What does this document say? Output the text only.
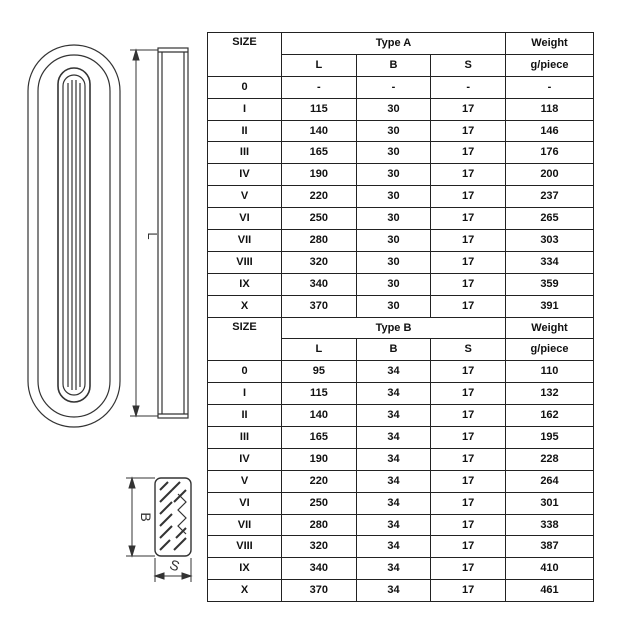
L
B
S
SIZE	Type A			Weight
	L	B	S	g/piece
0	-	-	-	-
I	115	30	17	118
II	140	30	17	146
III	165	30	17	176
IV	190	30	17	200
V	220	30	17	237
VI	250	30	17	265
VII	280	30	17	303
VIII	320	30	17	334
IX	340	30	17	359
X	370	30	17	391
SIZE	Type B			Weight
	L	B	S	g/piece
0	95	34	17	110
I	115	34	17	132
II	140	34	17	162
III	165	34	17	195
IV	190	34	17	228
V	220	34	17	264
VI	250	34	17	301
VII	280	34	17	338
VIII	320	34	17	387
IX	340	34	17	410
X	370	34	17	461
